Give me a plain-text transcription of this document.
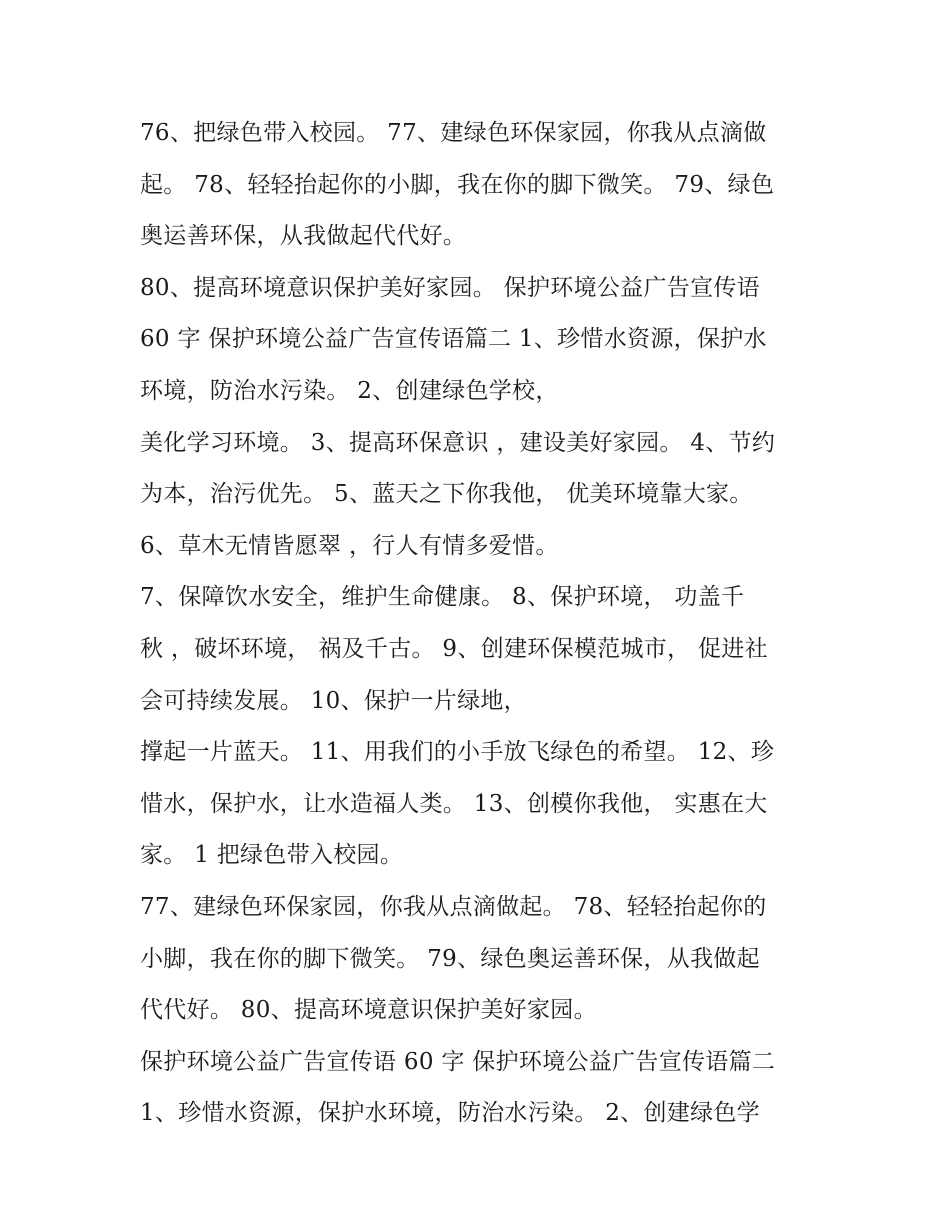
76、把绿色带入校园。 77、建绿色环保家园，你我从点滴做
起。 78、轻轻抬起你的小脚，我在你的脚下微笑。 79、绿色
奥运善环保，从我做起代代好。
80、提高环境意识保护美好家园。 保护环境公益广告宣传语
60 字 保护环境公益广告宣传语篇二 1、珍惜水资源，保护水
环境，防治水污染。 2、创建绿色学校，
美化学习环境。 3、提高环保意识 ，建设美好家园。 4、节约
为本，治污优先。 5、蓝天之下你我他， 优美环境靠大家。
6、草木无情皆愿翠 ，行人有情多爱惜。
7、保障饮水安全，维护生命健康。 8、保护环境， 功盖千
秋 ，破坏环境， 祸及千古。 9、创建环保模范城市， 促进社
会可持续发展。 10、保护一片绿地，
撑起一片蓝天。 11、用我们的小手放飞绿色的希望。 12、珍
惜水，保护水，让水造福人类。 13、创模你我他， 实惠在大
家。 1 把绿色带入校园。
77、建绿色环保家园，你我从点滴做起。 78、轻轻抬起你的
小脚，我在你的脚下微笑。 79、绿色奥运善环保，从我做起
代代好。 80、提高环境意识保护美好家园。
保护环境公益广告宣传语 60 字 保护环境公益广告宣传语篇二
1、珍惜水资源，保护水环境，防治水污染。 2、创建绿色学
